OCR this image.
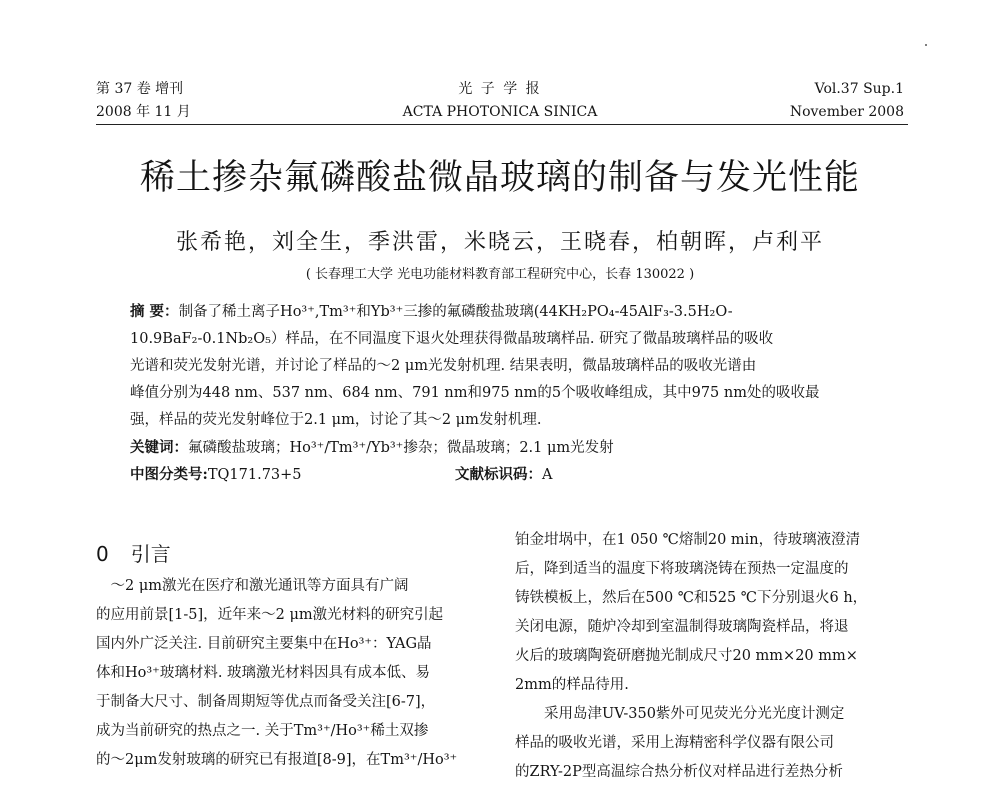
第 37 卷 增刊
2008 年 11 月
光 子 学 报
ACTA PHOTONICA SINICA
Vol.37 Sup.1
November 2008
稀土掺杂氟磷酸盐微晶玻璃的制备与发光性能
张希艳，刘全生，季洪雷，米晓云，王晓春，柏朝晖，卢利平
( 长春理工大学 光电功能材料教育部工程研究中心，长春 130022 )
摘 要：制备了稀土离子Ho³⁺,Tm³⁺和Yb³⁺三掺的氟磷酸盐玻璃(44KH₂PO₄-45AlF₃-3.5H₂O-
10.9BaF₂-0.1Nb₂O₅）样品，在不同温度下退火处理获得微晶玻璃样品. 研究了微晶玻璃样品的吸收
光谱和荧光发射光谱，并讨论了样品的～2 μm光发射机理. 结果表明，微晶玻璃样品的吸收光谱由
峰值分别为448 nm、537 nm、684 nm、791 nm和975 nm的5个吸收峰组成，其中975 nm处的吸收最
强，样品的荧光发射峰位于2.1 μm，讨论了其～2 μm发射机理.
关键词：氟磷酸盐玻璃；Ho³⁺/Tm³⁺/Yb³⁺掺杂；微晶玻璃；2.1 μm光发射
中图分类号:TQ171.73+5	文献标识码：A
0 引言
　～2 μm激光在医疗和激光通讯等方面具有广阔
的应用前景[1-5]，近年来～2 μm激光材料的研究引起
国内外广泛关注. 目前研究主要集中在Ho³⁺：YAG晶
体和Ho³⁺玻璃材料. 玻璃激光材料因具有成本低、易
于制备大尺寸、制备周期短等优点而备受关注[6-7]，
成为当前研究的热点之一. 关于Tm³⁺/Ho³⁺稀土双掺
的～2μm发射玻璃的研究已有报道[8-9]，在Tm³⁺/Ho³⁺
铂金坩埚中，在1 050 ℃熔制20 min，待玻璃液澄清
后，降到适当的温度下将玻璃浇铸在预热一定温度的
铸铁模板上，然后在500 ℃和525 ℃下分别退火6 h，
关闭电源，随炉冷却到室温制得玻璃陶瓷样品，将退
火后的玻璃陶瓷研磨抛光制成尺寸20 mm×20 mm×
2mm的样品待用.
　　采用岛津UV-350紫外可见荧光分光光度计测定
样品的吸收光谱，采用上海精密科学仪器有限公司
的ZRY-2P型高温综合热分析仪对样品进行差热分析
